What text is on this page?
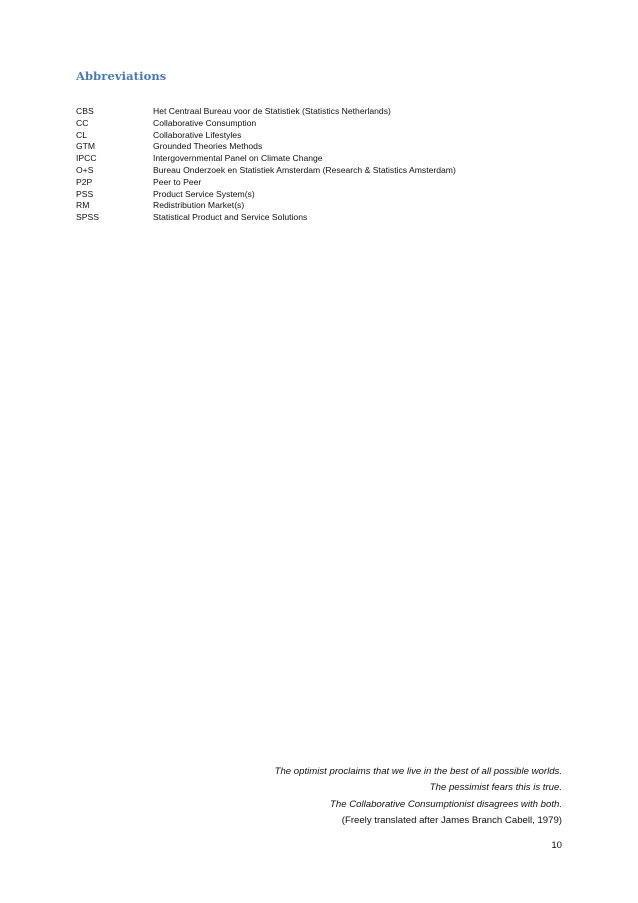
Abbreviations
CBS	Het Centraal Bureau voor de Statistiek (Statistics Netherlands)
CC	Collaborative Consumption
CL	Collaborative Lifestyles
GTM	Grounded Theories Methods
IPCC	Intergovernmental Panel on Climate Change
O+S	Bureau Onderzoek en Statistiek Amsterdam (Research & Statistics Amsterdam)
P2P	Peer to Peer
PSS	Product Service System(s)
RM	Redistribution Market(s)
SPSS	Statistical Product and Service Solutions
The optimist proclaims that we live in the best of all possible worlds.
The pessimist fears this is true.
The Collaborative Consumptionist disagrees with both.
(Freely translated after James Branch Cabell, 1979)
10
